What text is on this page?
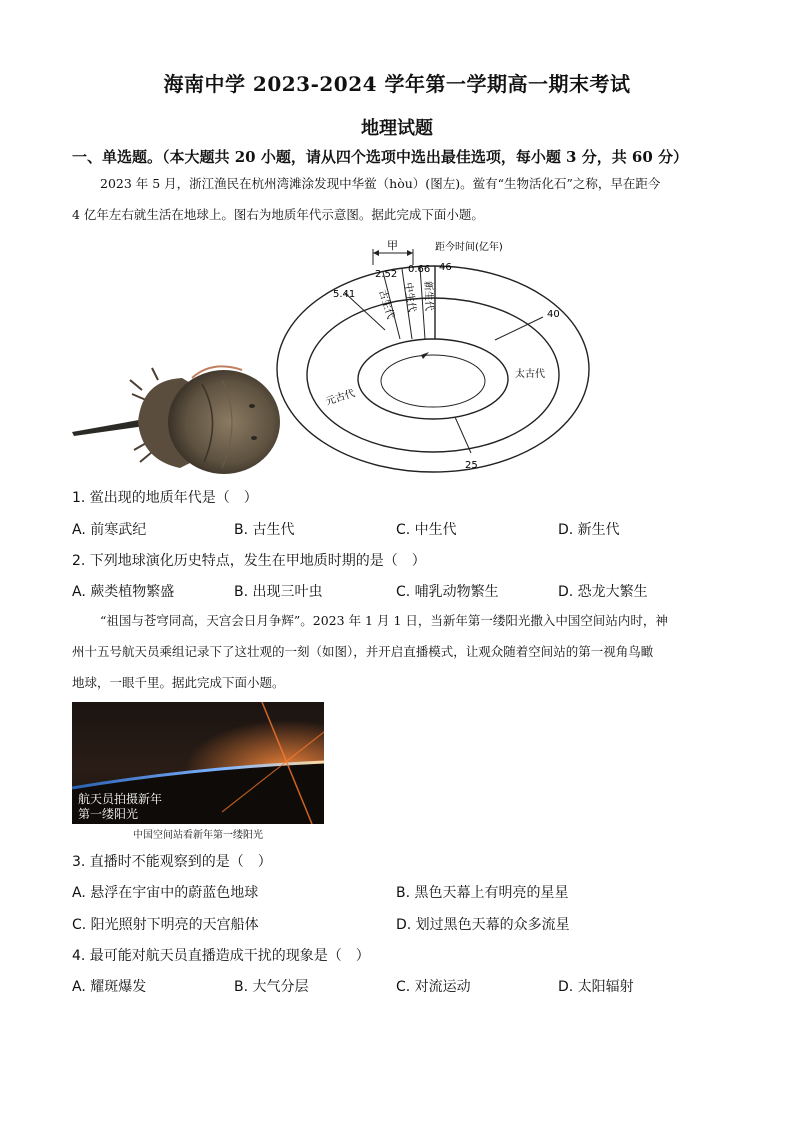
海南中学 2023-2024 学年第一学期高一期末考试
地理试题
一、单选题。（本大题共 20 小题，请从四个选项中选出最佳选项，每小题 3 分，共 60 分）
2023 年 5 月，浙江渔民在杭州湾滩涂发现中华鲎（hòu）(图左)。鲎有“生物活化石”之称，早在距今
4 亿年左右就生活在地球上。图右为地质年代示意图。据此完成下面小题。
甲	距今时间(亿年)
2.52 0.66 46
5.41
40
25
古生代 中生代 新生代
太古代
元古代
1. 鲎出现的地质年代是（　）
A. 前寒武纪	B. 古生代	C. 中生代	D. 新生代
2. 下列地球演化历史特点，发生在甲地质时期的是（　）
A. 蕨类植物繁盛	B. 出现三叶虫	C. 哺乳动物繁生	D. 恐龙大繁生
“祖国与苍穹同高，天宫会日月争辉”。2023 年 1 月 1 日，当新年第一缕阳光撒入中国空间站内时，神
州十五号航天员乘组记录下了这壮观的一刻（如图），并开启直播模式，让观众随着空间站的第一视角鸟瞰
地球，一眼千里。据此完成下面小题。
航天员拍摄新年
第一缕阳光
中国空间站看新年第一缕阳光
3. 直播时不能观察到的是（　）
A. 悬浮在宇宙中的蔚蓝色地球	B. 黑色天幕上有明亮的星星
C. 阳光照射下明亮的天宫船体	D. 划过黑色天幕的众多流星
4. 最可能对航天员直播造成干扰的现象是（　）
A. 耀斑爆发	B. 大气分层	C. 对流运动	D. 太阳辐射
